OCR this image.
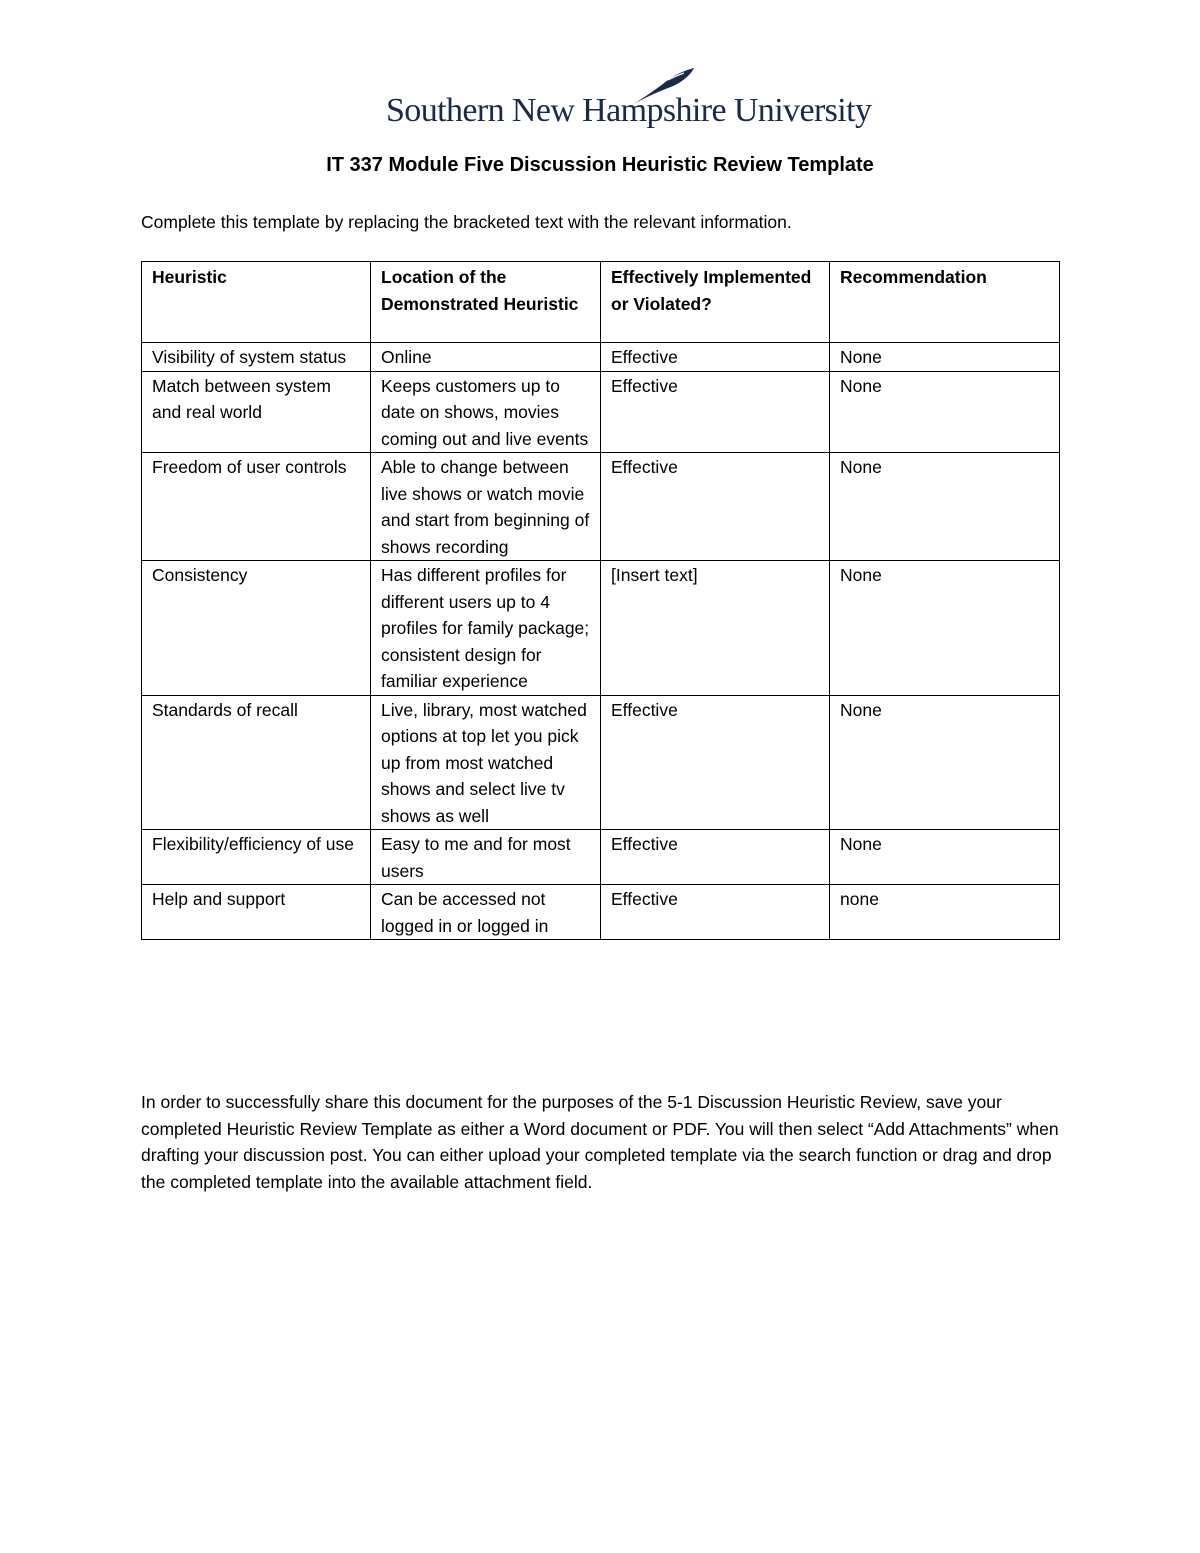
Southern New Hampshire University
IT 337 Module Five Discussion Heuristic Review Template
Complete this template by replacing the bracketed text with the relevant information.
Heuristic	Location of the Demonstrated Heuristic	Effectively Implemented or Violated?	Recommendation
Visibility of system status	Online	Effective	None
Match between system and real world	Keeps customers up to date on shows, movies coming out and live events	Effective	None
Freedom of user controls	Able to change between live shows or watch movie and start from beginning of shows recording	Effective	None
Consistency	Has different profiles for different users up to 4 profiles for family package; consistent design for familiar experience	[Insert text]	None
Standards of recall	Live, library, most watched options at top let you pick up from most watched shows and select live tv shows as well	Effective	None
Flexibility/efficiency of use	Easy to me and for most users	Effective	None
Help and support	Can be accessed not logged in or logged in	Effective	none
In order to successfully share this document for the purposes of the 5-1 Discussion Heuristic Review, save your completed Heuristic Review Template as either a Word document or PDF. You will then select “Add Attachments” when drafting your discussion post. You can either upload your completed template via the search function or drag and drop the completed template into the available attachment field.
